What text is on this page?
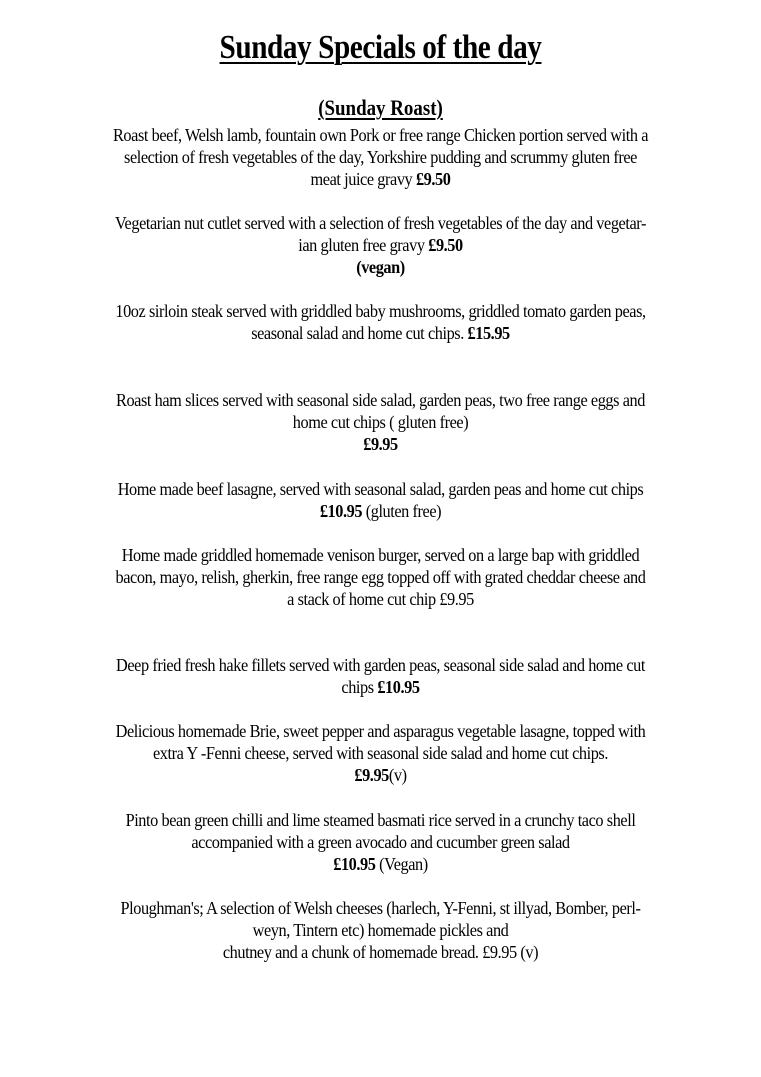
Sunday Specials of the day
(Sunday Roast)
Roast beef, Welsh lamb, fountain own Pork or free range Chicken portion served with a
selection of fresh vegetables of the day, Yorkshire pudding and scrummy gluten free
meat juice gravy £9.50
Vegetarian nut cutlet served with a selection of fresh vegetables of the day and vegetar-
ian gluten free gravy £9.50
(vegan)
10oz sirloin steak served with griddled baby mushrooms, griddled tomato garden peas,
seasonal salad and home cut chips. £15.95
Roast ham slices served with seasonal side salad, garden peas, two free range eggs and
home cut chips ( gluten free)
£9.95
Home made beef lasagne, served with seasonal salad, garden peas and home cut chips
£10.95 (gluten free)
Home made griddled homemade venison burger, served on a large bap with griddled
bacon, mayo, relish, gherkin, free range egg topped off with grated cheddar cheese and
a stack of home cut chip £9.95
Deep fried fresh hake fillets served with garden peas, seasonal side salad and home cut
chips £10.95
Delicious homemade Brie, sweet pepper and asparagus vegetable lasagne, topped with
extra Y -Fenni cheese, served with seasonal side salad and home cut chips.
£9.95(v)
Pinto bean green chilli and lime steamed basmati rice served in a crunchy taco shell
accompanied with a green avocado and cucumber green salad
£10.95 (Vegan)
Ploughman's; A selection of Welsh cheeses (harlech, Y-Fenni, st illyad, Bomber, perl-
weyn, Tintern etc) homemade pickles and
chutney and a chunk of homemade bread. £9.95 (v)
